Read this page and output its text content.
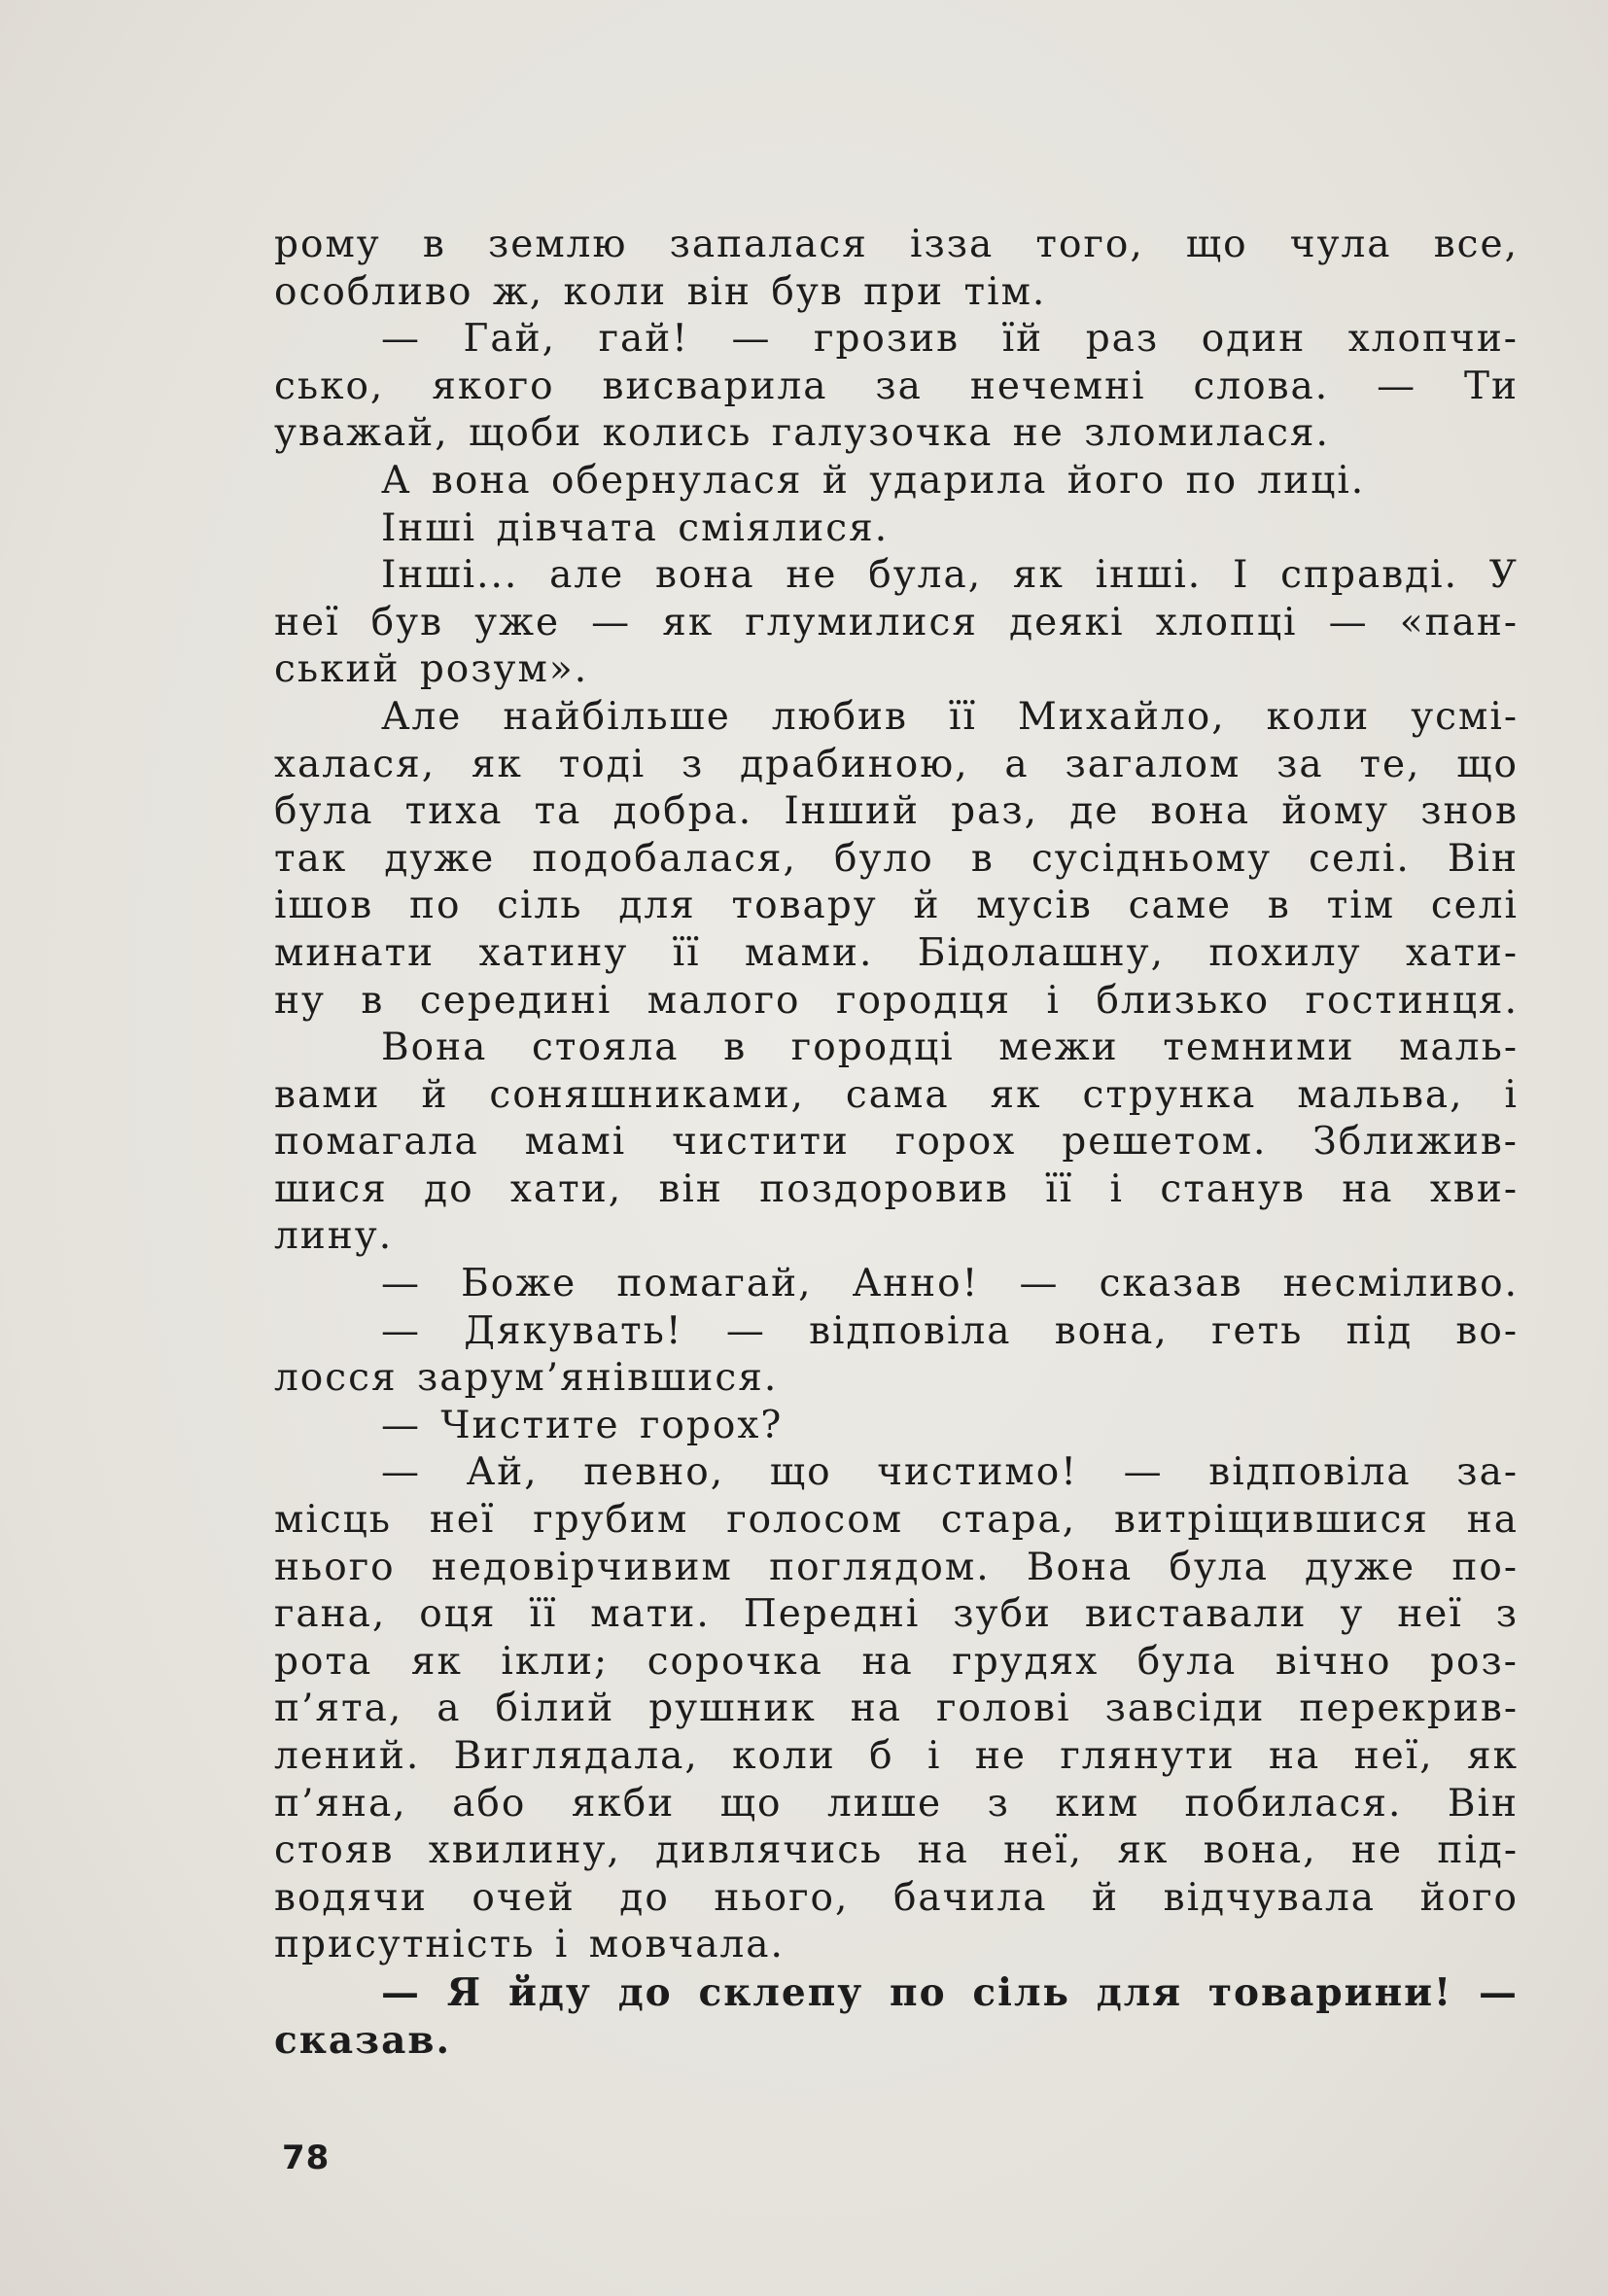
рому в землю запалася ізза того, що чула все,
особливо ж, коли він був при тім.
— Гай, гай! — грозив їй раз один хлопчи-
сько, якого висварила за нечемні слова. — Ти
уважай, щоби колись галузочка не зломилася.
А вона обернулася й ударила його по лиці.
Інші дівчата сміялися.
Інші... але вона не була, як інші. І справді. У
неї був уже — як глумилися деякі хлопці — «пан-
ський розум».
Але найбільше любив її Михайло, коли усмі-
халася, як тоді з драбиною, а загалом за те, що
була тиха та добра. Інший раз, де вона йому знов
так дуже подобалася, було в сусідньому селі. Він
ішов по сіль для товару й мусів саме в тім селі
минати хатину її мами. Бідолашну, похилу хати-
ну в середині малого городця і близько гостинця.
Вона стояла в городці межи темними маль-
вами й соняшниками, сама як струнка мальва, і
помагала мамі чистити горох решетом. Зближив-
шися до хати, він поздоровив її і станув на хви-
лину.
— Боже помагай, Анно! — сказав несміливо.
— Дякувать! — відповіла вона, геть під во-
лосся зарум’янівшися.
— Чистите горох?
— Ай, певно, що чистимо! — відповіла за-
місць неї грубим голосом стара, витріщившися на
нього недовірчивим поглядом. Вона була дуже по-
гана, оця її мати. Передні зуби виставали у неї з
рота як ікли; сорочка на грудях була вічно роз-
п’ята, а білий рушник на голові завсіди перекрив-
лений. Виглядала, коли б і не глянути на неї, як
п’яна, або якби що лише з ким побилася. Він
стояв хвилину, дивлячись на неї, як вона, не під-
водячи очей до нього, бачила й відчувала його
присутність і мовчала.
— Я йду до склепу по сіль для товарини! —
сказав.
78
